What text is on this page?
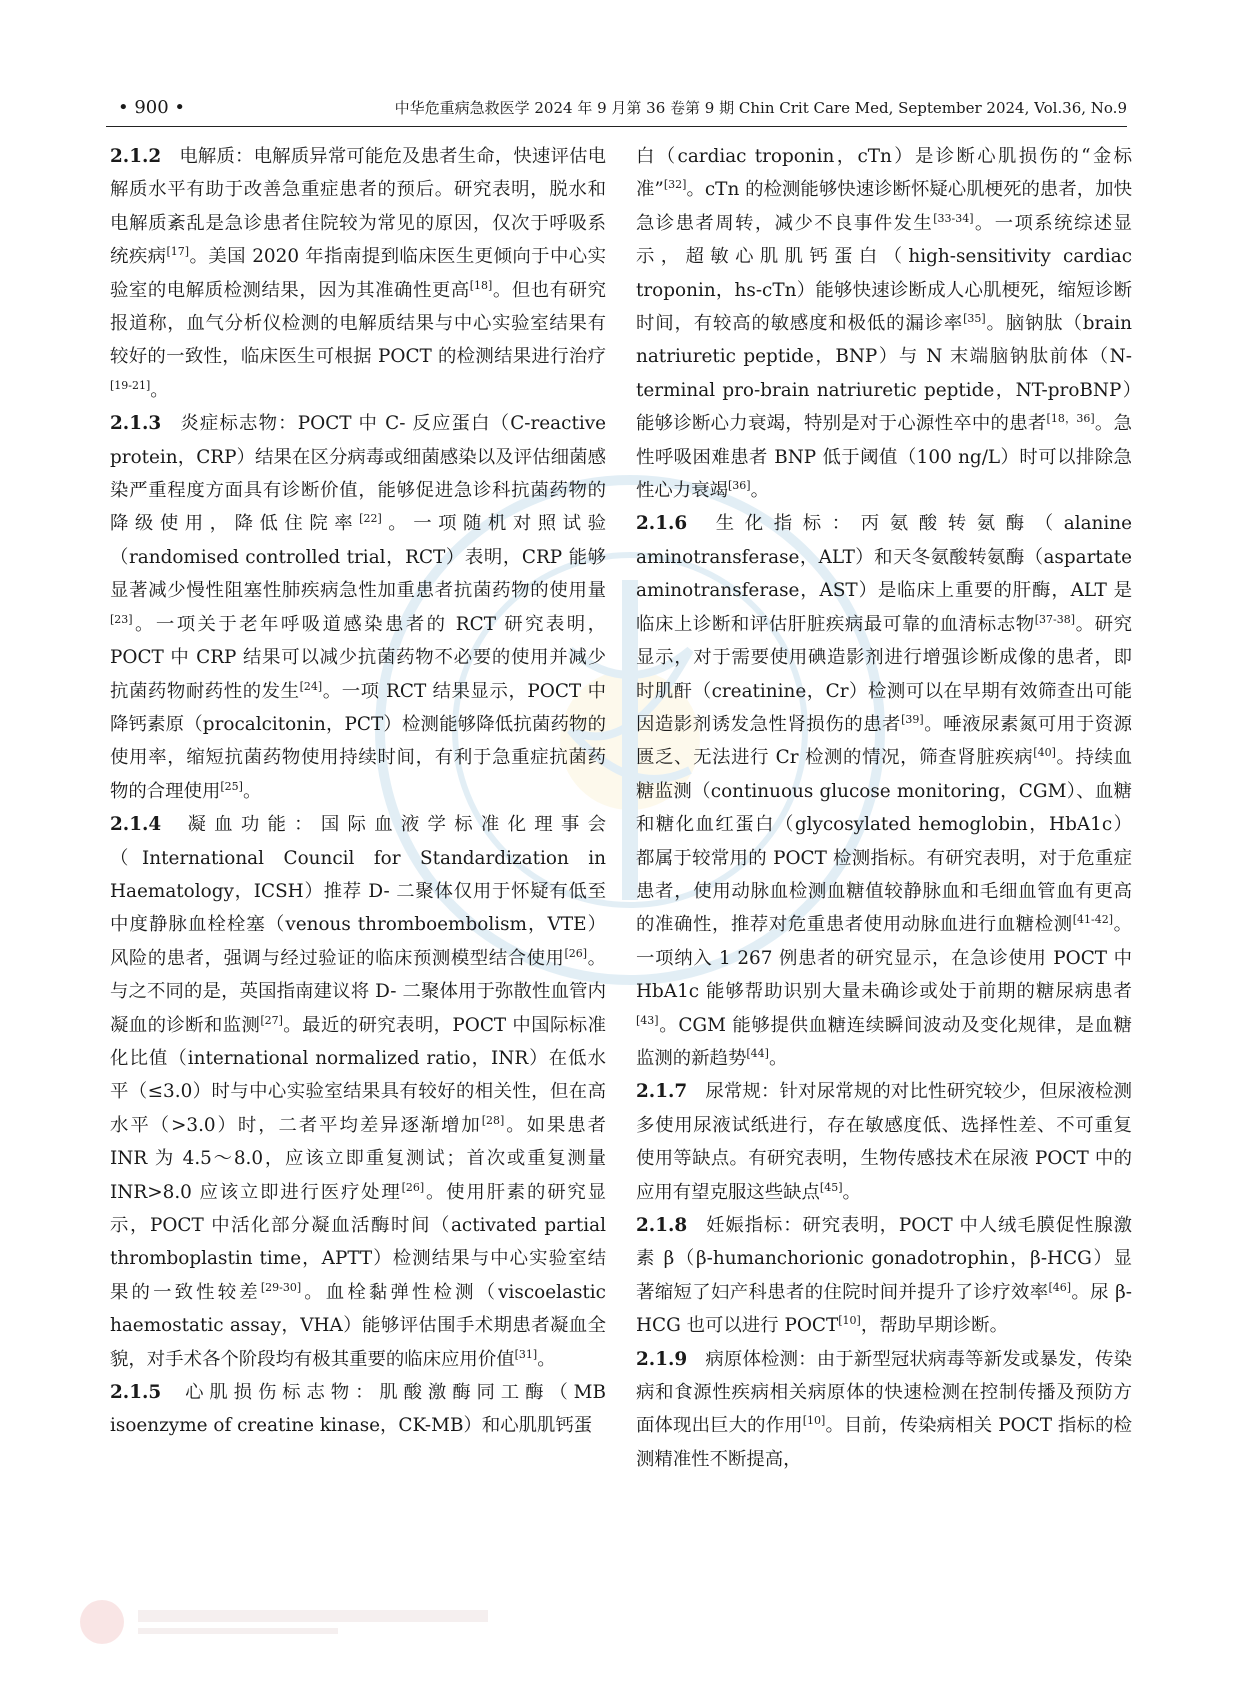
• 900 •	中华危重病急救医学 2024 年 9 月第 36 卷第 9 期 Chin Crit Care Med, September 2024, Vol.36, No.9

2.1.2 电解质：电解质异常可能危及患者生命，快速评估电解质水平有助于改善急重症患者的预后。研究表明，脱水和电解质紊乱是急诊患者住院较为常见的原因，仅次于呼吸系统疾病[17]。美国 2020 年指南提到临床医生更倾向于中心实验室的电解质检测结果，因为其准确性更高[18]。但也有研究报道称，血气分析仪检测的电解质结果与中心实验室结果有较好的一致性，临床医生可根据 POCT 的检测结果进行治疗[19-21]。

2.1.3 炎症标志物：POCT 中 C- 反应蛋白（C-reactive protein，CRP）结果在区分病毒或细菌感染以及评估细菌感染严重程度方面具有诊断价值，能够促进急诊科抗菌药物的降级使用，降低住院率[22]。一项随机对照试验（randomised controlled trial，RCT）表明，CRP 能够显著减少慢性阻塞性肺疾病急性加重患者抗菌药物的使用量[23]。一项关于老年呼吸道感染患者的 RCT 研究表明，POCT 中 CRP 结果可以减少抗菌药物不必要的使用并减少抗菌药物耐药性的发生[24]。一项 RCT 结果显示，POCT 中降钙素原（procalcitonin，PCT）检测能够降低抗菌药物的使用率，缩短抗菌药物使用持续时间，有利于急重症抗菌药物的合理使用[25]。

2.1.4 凝血功能：国际血液学标准化理事会（International Council for Standardization in Haematology，ICSH）推荐 D- 二聚体仅用于怀疑有低至中度静脉血栓栓塞（venous thromboembolism，VTE）风险的患者，强调与经过验证的临床预测模型结合使用[26]。与之不同的是，英国指南建议将 D- 二聚体用于弥散性血管内凝血的诊断和监测[27]。最近的研究表明，POCT 中国际标准化比值（international normalized ratio，INR）在低水平（≤3.0）时与中心实验室结果具有较好的相关性，但在高水平（>3.0）时，二者平均差异逐渐增加[28]。如果患者 INR 为 4.5～8.0，应该立即重复测试；首次或重复测量 INR>8.0 应该立即进行医疗处理[26]。使用肝素的研究显示，POCT 中活化部分凝血活酶时间（activated partial thromboplastin time，APTT）检测结果与中心实验室结果的一致性较差[29-30]。血栓黏弹性检测（viscoelastic haemostatic assay，VHA）能够评估围手术期患者凝血全貌，对手术各个阶段均有极其重要的临床应用价值[31]。

2.1.5 心肌损伤标志物：肌酸激酶同工酶（MB isoenzyme of creatine kinase，CK-MB）和心肌肌钙蛋

白（cardiac troponin，cTn）是诊断心肌损伤的“金标准”[32]。cTn 的检测能够快速诊断怀疑心肌梗死的患者，加快急诊患者周转，减少不良事件发生[33-34]。一项系统综述显示，超敏心肌肌钙蛋白（high-sensitivity cardiac troponin，hs-cTn）能够快速诊断成人心肌梗死，缩短诊断时间，有较高的敏感度和极低的漏诊率[35]。脑钠肽（brain natriuretic peptide，BNP）与 N 末端脑钠肽前体（N-terminal pro-brain natriuretic peptide，NT-proBNP）能够诊断心力衰竭，特别是对于心源性卒中的患者[18，36]。急性呼吸困难患者 BNP 低于阈值（100 ng/L）时可以排除急性心力衰竭[36]。

2.1.6 生化指标：丙氨酸转氨酶（alanine aminotransferase，ALT）和天冬氨酸转氨酶（aspartate aminotransferase，AST）是临床上重要的肝酶，ALT 是临床上诊断和评估肝脏疾病最可靠的血清标志物[37-38]。研究显示，对于需要使用碘造影剂进行增强诊断成像的患者，即时肌酐（creatinine，Cr）检测可以在早期有效筛查出可能因造影剂诱发急性肾损伤的患者[39]。唾液尿素氮可用于资源匮乏、无法进行 Cr 检测的情况，筛查肾脏疾病[40]。持续血糖监测（continuous glucose monitoring，CGM）、血糖和糖化血红蛋白（glycosylated hemoglobin，HbA1c）都属于较常用的 POCT 检测指标。有研究表明，对于危重症患者，使用动脉血检测血糖值较静脉血和毛细血管血有更高的准确性，推荐对危重患者使用动脉血进行血糖检测[41-42]。一项纳入 1 267 例患者的研究显示，在急诊使用 POCT 中 HbA1c 能够帮助识别大量未确诊或处于前期的糖尿病患者[43]。CGM 能够提供血糖连续瞬间波动及变化规律，是血糖监测的新趋势[44]。

2.1.7 尿常规：针对尿常规的对比性研究较少，但尿液检测多使用尿液试纸进行，存在敏感度低、选择性差、不可重复使用等缺点。有研究表明，生物传感技术在尿液 POCT 中的应用有望克服这些缺点[45]。

2.1.8 妊娠指标：研究表明，POCT 中人绒毛膜促性腺激素 β（β-humanchorionic gonadotrophin，β-HCG）显著缩短了妇产科患者的住院时间并提升了诊疗效率[46]。尿 β-HCG 也可以进行 POCT[10]，帮助早期诊断。

2.1.9 病原体检测：由于新型冠状病毒等新发或暴发，传染病和食源性疾病相关病原体的快速检测在控制传播及预防方面体现出巨大的作用[10]。目前，传染病相关 POCT 指标的检测精准性不断提高，
